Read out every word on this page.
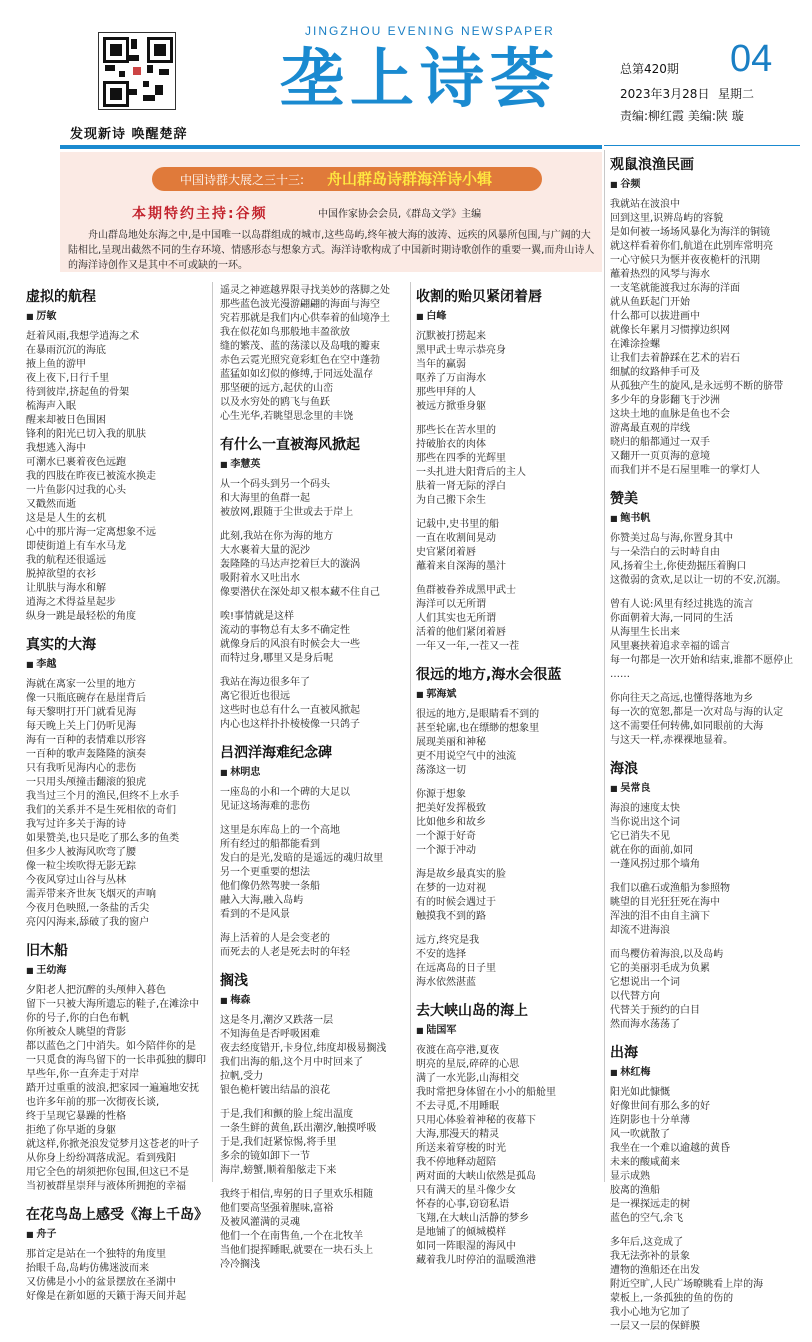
发现新诗 唤醒楚辞
JINGZHOU EVENING NEWSPAPER
垄上诗荟	总第420期 04
2023年3月28日 星期二
责编:柳红霞 美编:陕 璇
中国诗群大展之三十三: 舟山群岛诗群海洋诗小辑
本期特约主持:谷频	中国作家协会会员,《群岛文学》主编
舟山群岛地处东海之中,是中国唯一以岛群组成的城市,这些岛屿,终年被大海的波涛、远疾的风暴所包围,与广阔的大陆相比,呈现出截然不同的生存环境、情感形态与想象方式。海洋诗歌构成了中国新时期诗歌创作的重要一翼,而舟山诗人的海洋诗创作又是其中不可或缺的一环。
虚拟的航程
■ 厉敏
赶着风雨,我想学逍海之术
在暴雨沉沉的海底
掖上鱼的游甲
夜上夜下,日行千里
待到彼岸,挤起鱼的骨架
梳海声入眠
醒来却被日色围困
锋利的阳光已切入我的肌肤
我想逃入海中
可潮水已裹着夜色远跑
我的四肢在昨夜已被流水换走
一片鱼影闪过我的心头
又戳然而逝
这是是人生的玄机
心中的那片海一定离想象不远
即使街道上有车水马龙
我的航程还很遥远
脱掉欲望的衣衫
让肌肤与海水和解
逍海之术得益星起步
纵身一跳是最轻松的角度
真实的大海
■ 李越
海就在离家一公里的地方
像一只瓶底碗存在悬崖背后
每天黎明打开门就看见海
每天晚上关上门仍听见海
海有一百种的表情难以形容
一百种的歌声轰隆隆的演奏
只有我听见海内心的悲伤
一只用头颅撞击翻滚的狼虎
我当过三个月的渔民,但终不上水手
我们的关系并不是生死相依的奇们
我写过许多关于海的诗
如果赞美,也只是吃了那么多的鱼类
但多少人被海风吹弯了腰
像一粒尘埃吹得无影无踪
今夜风穿过山谷与丛林
需弄带来齐世灰飞烟灭的声响
今夜月色映照,一条盐的舌尖
亮闪闪海来,舔破了我的窗户
旧木船
■ 王幼海
夕阳老人把沉醉的头颅伸入暮色
留下一只被大海所遗忘的鞋子,在滩涂中
你的号子,你的白色布帆
你所被众人眺望的背影
都以蓝色之门中消失。如今陪伴你的是
一只觅食的海鸟留下的一长串孤独的脚印
早些年,你一直奔走于对岸
踏开过重重的波浪,把家园一遍遍地安抚
也许多年前的那一次彻夜长谈,
终于呈现它暴躁的性格
拒绝了你早逝的身躯
就这样,你掀尧浪发觉梦月这苍老的叶子
从你身上纷纷凋落成泥。看到残阳
用它全色的胡须把你包围,但这已不是
当初被群星崇拜与液体所拥抱的幸福
在花鸟岛上感受《海上千岛》
■ 舟子
那首定是站在一个独特的角度里
抬眼千岛,岛屿仿佛迷波而来
又仿佛是小小的盆景摆放在圣湖中
好像是在新如愿的天籁于海天间并起
遥灵之神遮越界限寻找美妙的落脚之处
那些蓝色波光漫游翩翩的海面与海空
究若那就是我们内心供奉着的仙境净土
我在似花如鸟那般地丰盈欲放
缝的繁茂、蓝的荡漾以及岛哦的瓣束
赤色云霓光照究竟彩虹色在空中蓬勃
蓝猛如如幻似的修缚,于同远处温存
那坚硬的远方,起伏的山峦
以及水穷处的鸥飞与鱼跃
心生光华,若眺望思念里的丰饶
有什么一直被海风掀起
■ 李慧英
从一个码头到另一个码头
和大海里的鱼群一起
被放网,跟随于尘世或去于岸上
此刻,我站在你为海的地方
大水裹着大量的泥沙
轰隆隆的马达声挖着巨大的漩涡
吸附着水又吐出水
像要潜伏在深处却又根本藏不住自己
唉!事情就是这样
流动的事物总有太多不确定性
就像身后的风浪有时候会大一些
而特过身,哪里又是身后呢
我站在海边很多年了
离它很近也很远
这些时也总有什么一直被风掀起
内心也这样扑扑棱棱像一只鸽子
吕泗洋海难纪念碑
■ 林明忠
一座岛的小和一个碑的大足以
见证这场海难的悲伤
这里是东库岛上的一个高地
所有经过的船都能看到
发白的是光,发暗的是遥远的魂归故里
另一个更重要的想法
他们像仍然驾驶一条船
融入大海,融入岛屿
看到的不是风景
海上活着的人是会变老的
而死去的人老是死去时的年轻
搁浅
■ 梅森
这是冬月,潮汐又跌落一层
不知海鱼是否呼吸困难
夜去经度错开,卡身位,纬度却极易搁浅
我们出海的船,这个月中时回来了
拉帆,受力
银色桅杆镀出结晶的浪花
于是,我们和颤的脸上绽出温度
一条生鲜的黄鱼,跃出潮汐,触摸呼吸
于是,我们赶紧惊惕,将手里
多余的镜如卸下一节
海岸,螃蟹,顺着船舷走下来
我终于相信,卑躬的日子里欢乐相随
他们要高坚强着腥味,富裕
及被风灌满的灵魂
他们一个在南售鱼,一个在北牧羊
当他们提挥睡眠,就要在一块石头上
冷冷搁浅
收割的贻贝紧闭着唇
■ 白峰
沉默被打捞起来
黑甲武士卑示恭亮身
当年的赢弱
呕养了万亩海水
那些甲拜的人
被远方掀垂身躯
那些长在苦水里的
持破胎衣的肉体
那些在四季的光辉里
一头扎进大阳背后的主人
肤着一肾无际的浮白
为自己搬下余生
记载中,史书里的船
一直在收割间晃动
史官紧闭着唇
蘸着来自深海的墨汁
鱼群被眷养成黑甲武士
海洋可以无所谓
人们其实也无所谓
活着的他们紧闭着唇
一年又一年,一茬又一茬
很远的地方,海水会很蓝
■ 郭海斌
很远的地方,是眼睛看不到的
甚至轮廓,也在缥缈的想象里
展现美丽和神秘
更不用说空气中的浊流
荡涤这一切
你源于想象
把美好发挥极致
比如他乡和故乡
一个源于好奇
一个源于冲动
海是故乡最真实的脸
在梦的一边对视
有的时候会遇过于
触摸我不到的路
远方,终究是我
不安的选择
在远离岛的日子里
海水依然湛蓝
去大峡山岛的海上
■ 陆国军
夜渡在高亭港,夏夜
明亮的星辰,碎碎的心思
满了一水光影,山海相交
我时常把身体留在小小的船舱里
不去寻觅,不用睡眠
只用心体验着神秘的夜幕下
大海,那漫天的精灵
所送来着穿梭的时光
我不停地释动超陪
两对面的大峡山依然是孤岛
只有满天的星斗像少女
怀春的心事,窃窃私语
飞翔,在大峡山活静的梦乡
是地铺了的倾城模样
如同一阵眼湿的海风中
藏着我儿时停泊的温暖渔港
观鼠浪渔民画
■ 谷频
我就站在波浪中
回到这里,识辨岛屿的容貌
是如何被一场场风暴化为海洋的铜镜
就这样看着你们,航道在此别库常明亮
一心守候只为惬并夜夜桅杆的汛期
蘸着热烈的风琴与海水
一支笔就能渡我过东海的洋面
就从鱼跃起门开始
什么都可以拔进画中
就像长年累月习惯撑边织网
在滩涂捡螺
让我们去着静踩在艺术的岩石
细腻的纹路伸手可及
从孤独产生的旋风,是永远剪不断的脐带
多少年的身影翻飞于沙洲
这块土地的血脉是鱼也不会
游离最直观的岸线
晓归的船都通过一双手
又翻开一页页海的意境
而我们并不是石屋里唯一的掌灯人
赞美
■ 鲍书帆
你赞美过岛与海,你置身其中
与一朵浩白的云时峙自由
风,扬着尘土,你使劲掘压着胸口
这微弱的贪欢,足以让一切的不安,沉溺。
曾有人说:风里有经过挑选的流言
你面朝着大海,一同同的生活
从海里生长出来
风里裹挟着追求幸福的谣言
每一句都是一次开始和结束,谁都不愿停止
……
你向往天之高远,也懂得落地为乡
每一次的宽恕,都是一次对岛与海的认定
这不需要任何转佛,如同眼前的大海
与这天一样,赤裸裸地显着。
海浪
■ 吴常良
海浪的速度太快
当你说出这个词
它已消失不见
就在你的面前,如同
一蓬风拐过那个墙角
我们以礁石或渔船为参照物
眺望的目光狂狂死在海中
浑浊的泪不由自主滴下
却流不进海浪
而鸟樱仿着海浪,以及岛屿
它的美丽羽毛成为负累
它想说出一个词
以代替方向
代替关于预约的白目
然而海水荡荡了
出海
■ 林红梅
阳光如此慷慨
好像世间有那么多的好
连阴影也十分单薄
风一吹就散了
我坐在一个难以逾越的黄昏
未来的酸咸蔺来
显示成熟
胶离的渔船
是一裸探远走的树
蓝色的空气,余飞
多年后,这竞成了
我无法弥补的景象
遭物的渔船还在出发
附近空旷,人民广场暸眺看上岸的海
蒙板上,一条孤独的鱼的伤的
我小心地为它加了
一层又一层的保鲜膜
